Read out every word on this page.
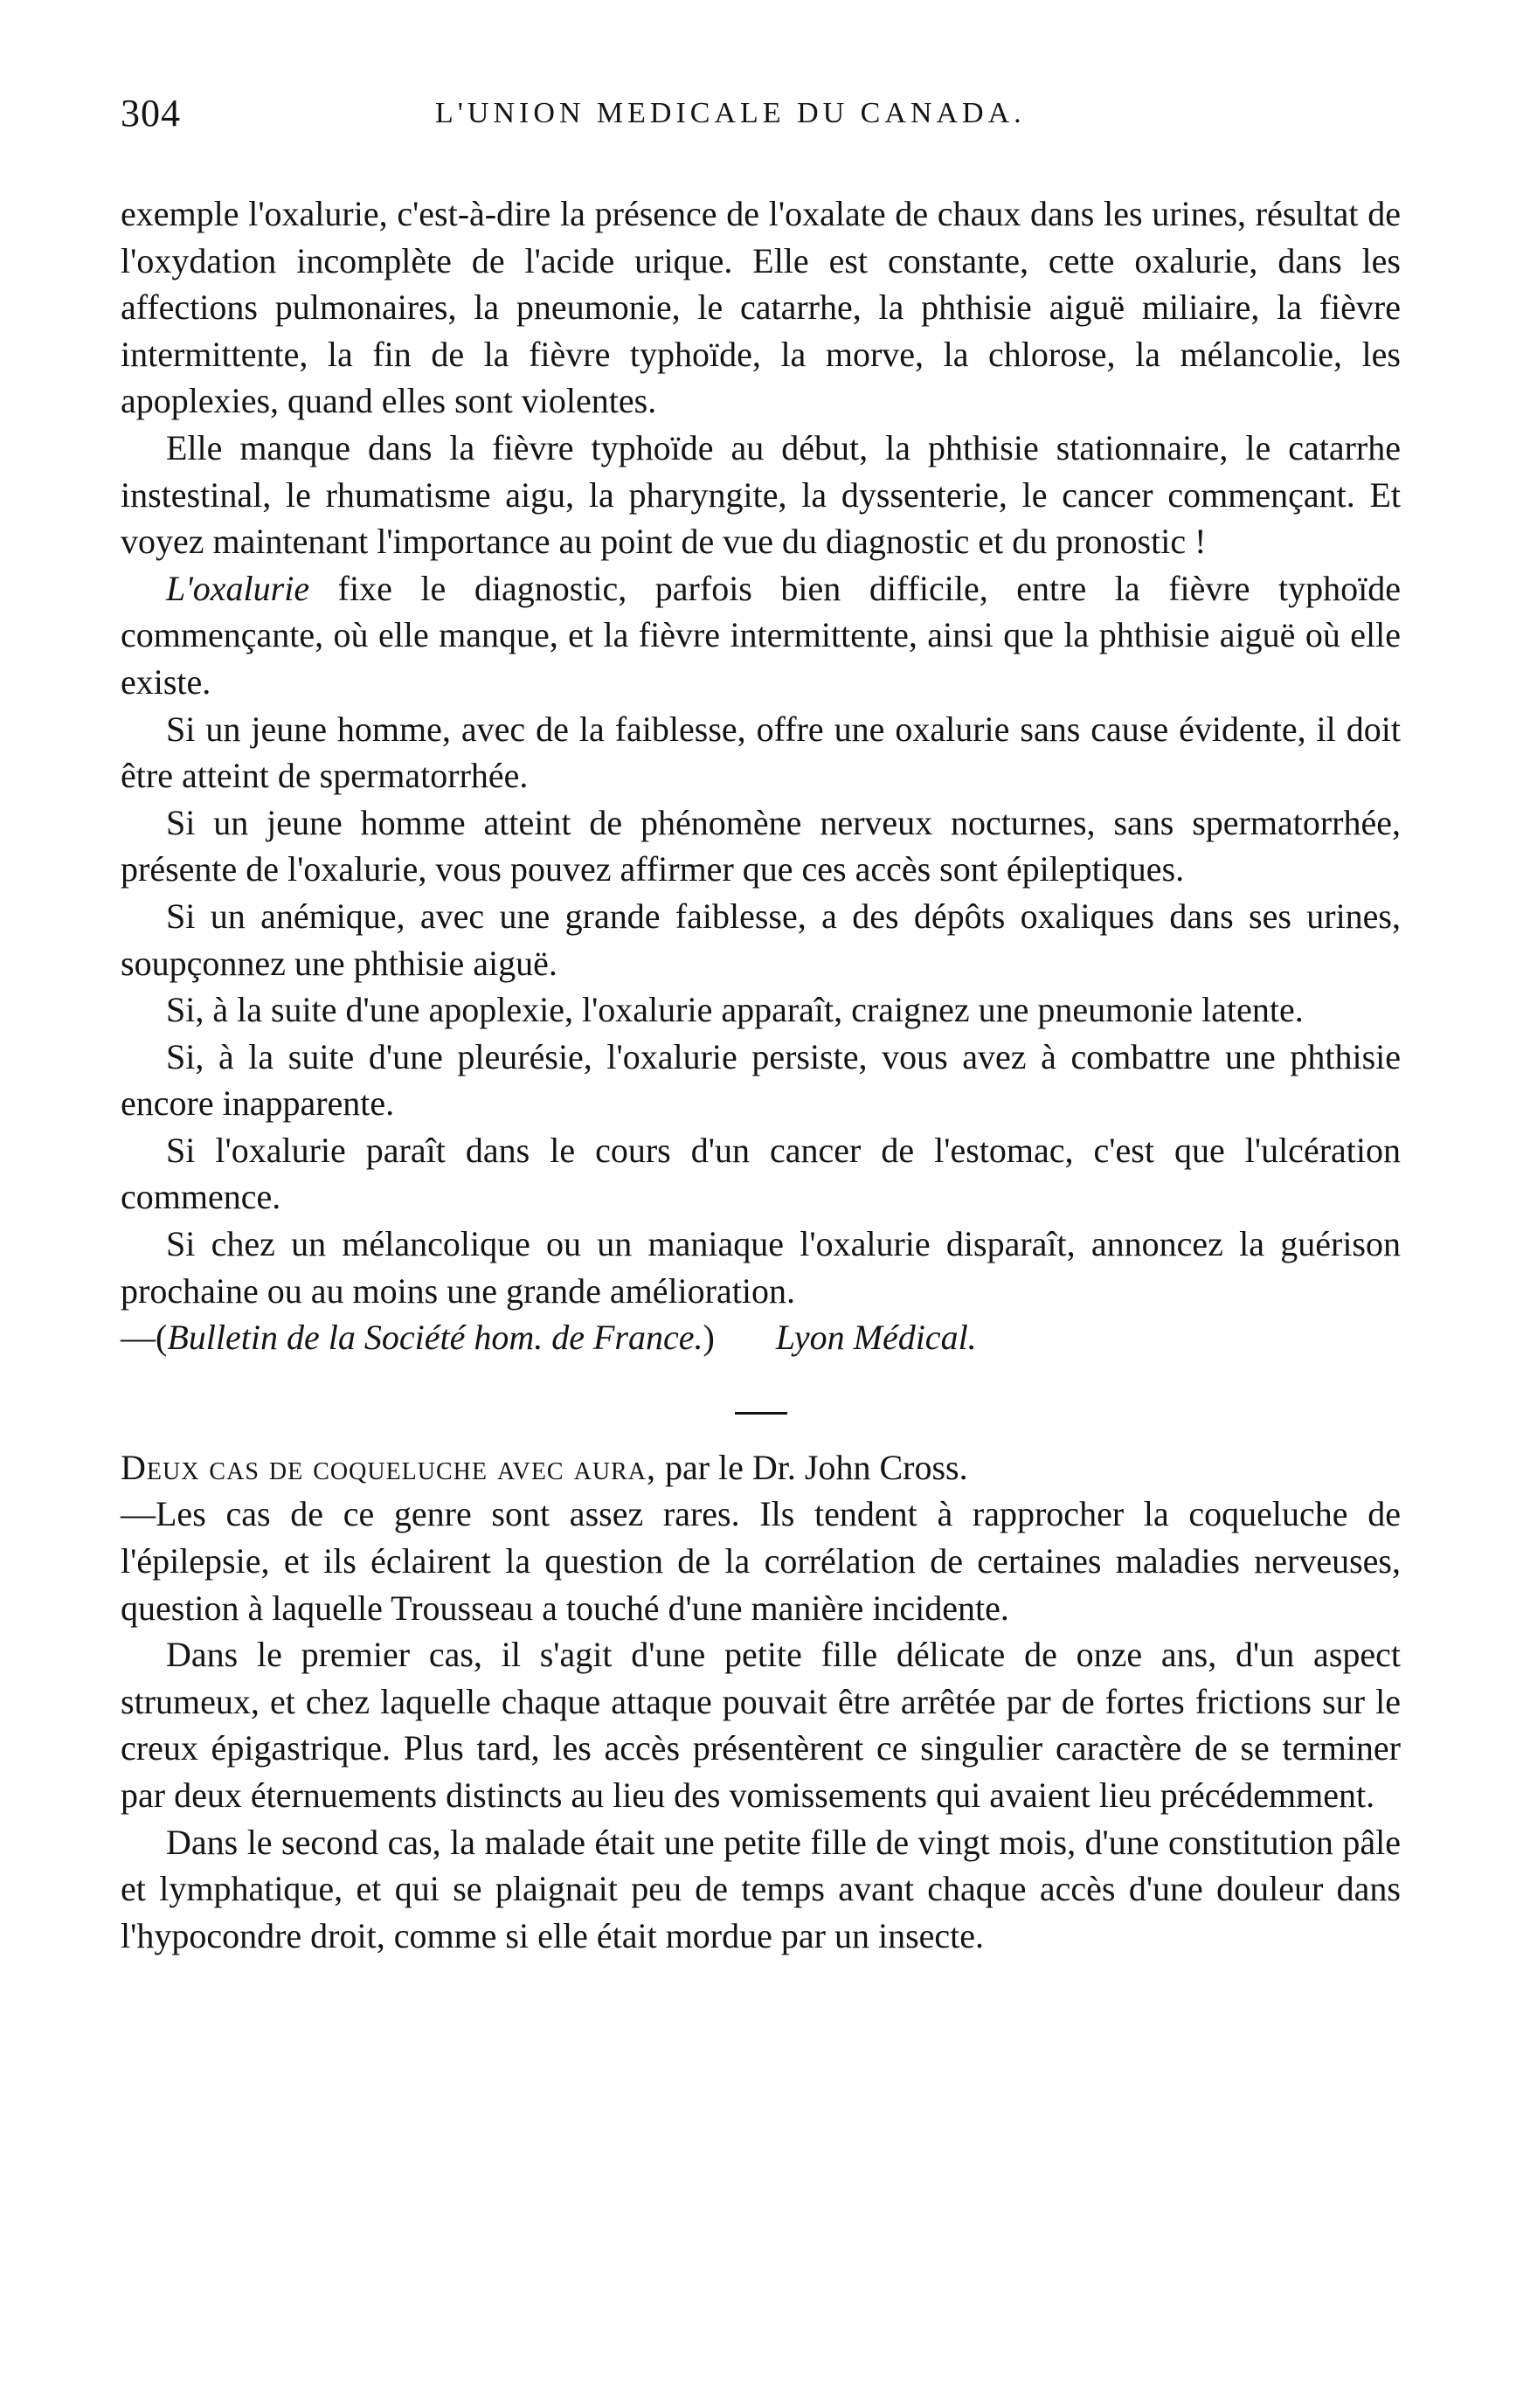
304	L'UNION MEDICALE DU CANADA.

exemple l'oxalurie, c'est-à-dire la présence de l'oxalate de chaux dans les urines, résultat de l'oxydation incomplète de l'acide urique. Elle est constante, cette oxalurie, dans les affections pulmonaires, la pneumonie, le catarrhe, la phthisie aiguë miliaire, la fièvre intermittente, la fin de la fièvre typhoïde, la morve, la chlorose, la mélancolie, les apoplexies, quand elles sont violentes.

Elle manque dans la fièvre typhoïde au début, la phthisie stationnaire, le catarrhe instestinal, le rhumatisme aigu, la pharyngite, la dyssenterie, le cancer commençant. Et voyez maintenant l'importance au point de vue du diagnostic et du pronostic !

L'oxalurie fixe le diagnostic, parfois bien difficile, entre la fièvre typhoïde commençante, où elle manque, et la fièvre intermittente, ainsi que la phthisie aiguë où elle existe.

Si un jeune homme, avec de la faiblesse, offre une oxalurie sans cause évidente, il doit être atteint de spermatorrhée.

Si un jeune homme atteint de phénomène nerveux nocturnes, sans spermatorrhée, présente de l'oxalurie, vous pouvez affirmer que ces accès sont épileptiques.

Si un anémique, avec une grande faiblesse, a des dépôts oxaliques dans ses urines, soupçonnez une phthisie aiguë.

Si, à la suite d'une apoplexie, l'oxalurie apparaît, craignez une pneumonie latente.

Si, à la suite d'une pleurésie, l'oxalurie persiste, vous avez à combattre une phthisie encore inapparente.

Si l'oxalurie paraît dans le cours d'un cancer de l'estomac, c'est que l'ulcération commence.

Si chez un mélancolique ou un maniaque l'oxalurie disparaît, annoncez la guérison prochaine ou au moins une grande amélioration.

—(Bulletin de la Société hom. de France.) Lyon Médical.

Deux cas de coqueluche avec aura, par le Dr. John Cross.

—Les cas de ce genre sont assez rares. Ils tendent à rapprocher la coqueluche de l'épilepsie, et ils éclairent la question de la corrélation de certaines maladies nerveuses, question à laquelle Trousseau a touché d'une manière incidente.

Dans le premier cas, il s'agit d'une petite fille délicate de onze ans, d'un aspect strumeux, et chez laquelle chaque attaque pouvait être arrêtée par de fortes frictions sur le creux épigastrique. Plus tard, les accès présentèrent ce singulier caractère de se terminer par deux éternuements distincts au lieu des vomissements qui avaient lieu précédemment.

Dans le second cas, la malade était une petite fille de vingt mois, d'une constitution pâle et lymphatique, et qui se plaignait peu de temps avant chaque accès d'une douleur dans l'hypocondre droit, comme si elle était mordue par un insecte.
